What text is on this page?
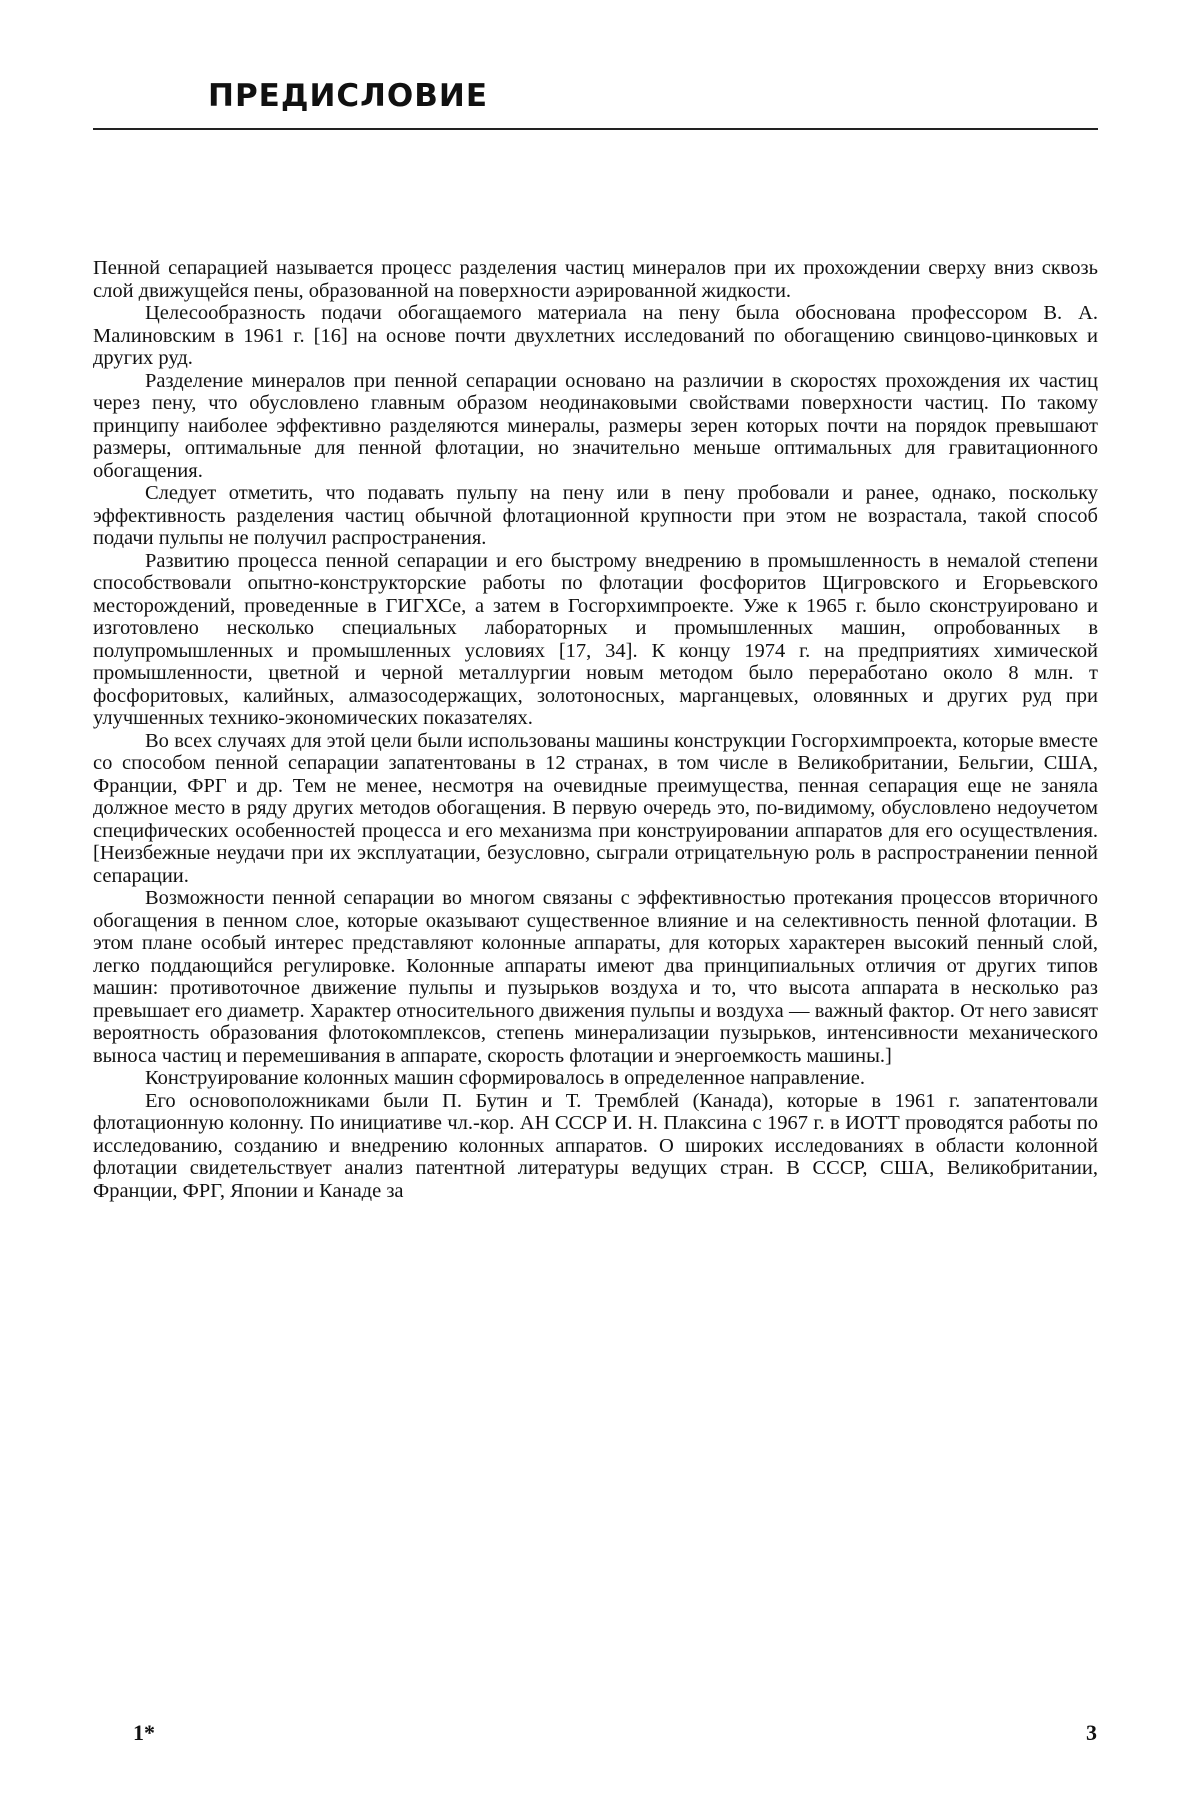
ПРЕДИСЛОВИЕ

Пенной сепарацией называется процесс разделения частиц минералов при их прохождении сверху вниз сквозь слой движущейся пены, образованной на поверхности аэрированной жидкости.

Целесообразность подачи обогащаемого материала на пену была обоснована профессором В. А. Малиновским в 1961 г. [16] на основе почти двухлетних исследований по обогащению свинцово-цинковых и других руд.

Разделение минералов при пенной сепарации основано на различии в скоростях прохождения их частиц через пену, что обусловлено главным образом неодинаковыми свойствами поверхности частиц. По такому принципу наиболее эффективно разделяются минералы, размеры зерен которых почти на порядок превышают размеры, оптимальные для пенной флотации, но значительно меньше оптимальных для гравитационного обогащения.

Следует отметить, что подавать пульпу на пену или в пену пробовали и ранее, однако, поскольку эффективность разделения частиц обычной флотационной крупности при этом не возрастала, такой способ подачи пульпы не получил распространения.

Развитию процесса пенной сепарации и его быстрому внедрению в промышленность в немалой степени способствовали опытно-конструкторские работы по флотации фосфоритов Щигровского и Егорьевского месторождений, проведенные в ГИГХСе, а затем в Госгорхимпроекте. Уже к 1965 г. было сконструировано и изготовлено несколько специальных лабораторных и промышленных машин, опробованных в полупромышленных и промышленных условиях [17, 34]. К концу 1974 г. на предприятиях химической промышленности, цветной и черной металлургии новым методом было переработано около 8 млн. т фосфоритовых, калийных, алмазосодержащих, золотоносных, марганцевых, оловянных и других руд при улучшенных технико-экономических показателях.

Во всех случаях для этой цели были использованы машины конструкции Госгорхимпроекта, которые вместе со способом пенной сепарации запатентованы в 12 странах, в том числе в Великобритании, Бельгии, США, Франции, ФРГ и др. Тем не менее, несмотря на очевидные преимущества, пенная сепарация еще не заняла должное место в ряду других методов обогащения. В первую очередь это, по-видимому, обусловлено недоучетом специфических особенностей процесса и его механизма при конструировании аппаратов для его осуществления. [Неизбежные неудачи при их эксплуатации, безусловно, сыграли отрицательную роль в распространении пенной сепарации.

Возможности пенной сепарации во многом связаны с эффективностью протекания процессов вторичного обогащения в пенном слое, которые оказывают существенное влияние и на селективность пенной флотации. В этом плане особый интерес представляют колонные аппараты, для которых характерен высокий пенный слой, легко поддающийся регулировке. Колонные аппараты имеют два принципиальных отличия от других типов машин: противоточное движение пульпы и пузырьков воздуха и то, что высота аппарата в несколько раз превышает его диаметр. Характер относительного движения пульпы и воздуха — важный фактор. От него зависят вероятность образования флотокомплексов, степень минерализации пузырьков, интенсивности механического выноса частиц и перемешивания в аппарате, скорость флотации и энергоемкость машины.]

Конструирование колонных машин сформировалось в определенное направление.

Его основоположниками были П. Бутин и Т. Тремблей (Канада), которые в 1961 г. запатентовали флотационную колонну. По инициативе чл.-кор. АН СССР И. Н. Плаксина с 1967 г. в ИОТТ проводятся работы по исследованию, созданию и внедрению колонных аппаратов. О широких исследованиях в области колонной флотации свидетельствует анализ патентной литературы ведущих стран. В СССР, США, Великобритании, Франции, ФРГ, Японии и Канаде за

1*	3
